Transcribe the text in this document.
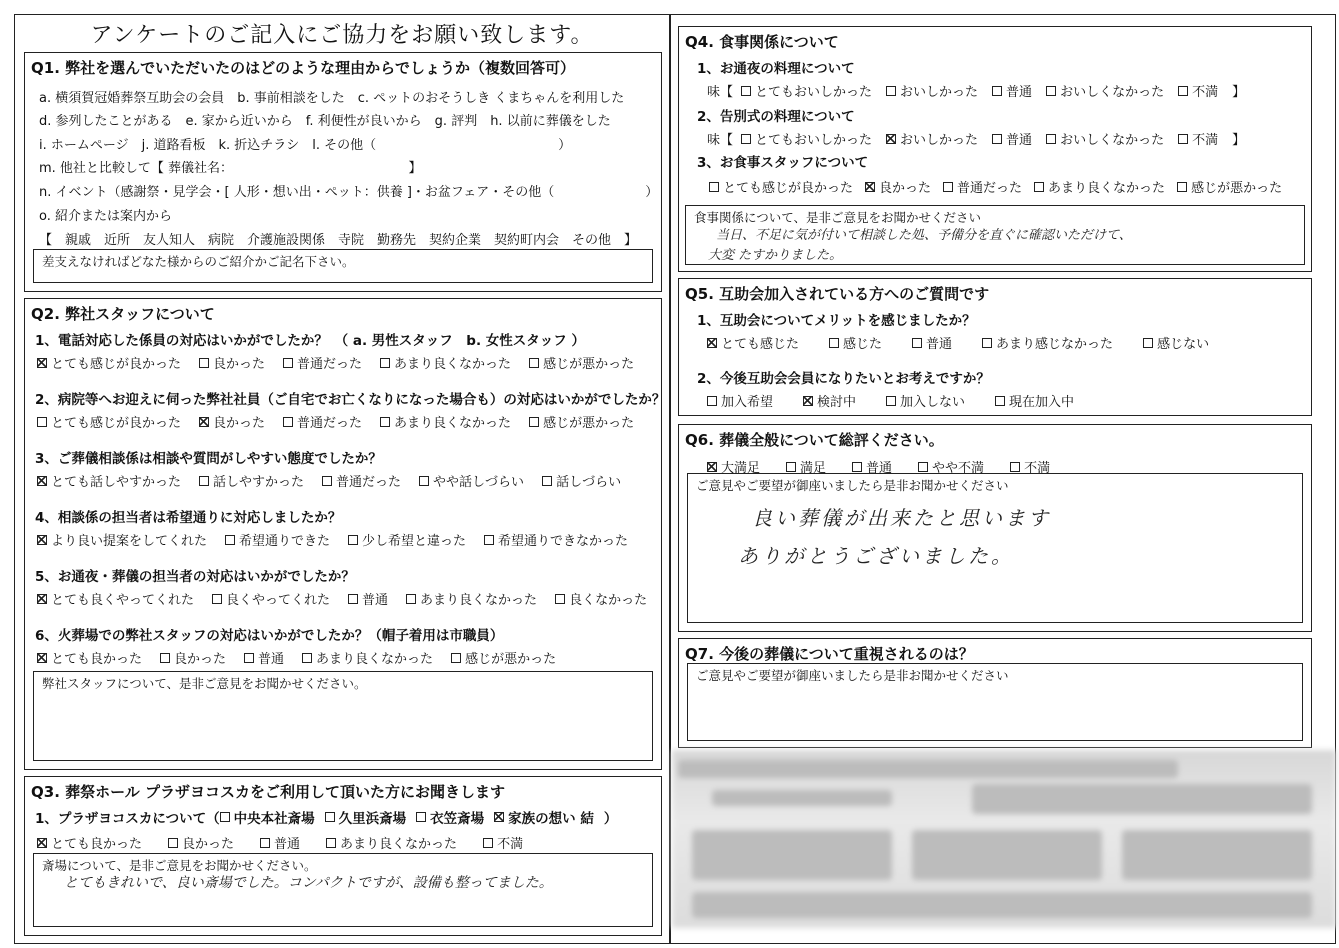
アンケートのご記入にご協力をお願い致します。
Q1. 弊社を選んでいただいたのはどのような理由からでしょうか（複数回答可）
a. 横須賀冠婚葬祭互助会の会員　b. 事前相談をした　c. ペットのおそうしき くまちゃんを利用した
d. 参列したことがある　e. 家から近いから　f. 利便性が良いから　g. 評判　h. 以前に葬儀をした
i. ホームページ　j. 道路看板　k. 折込チラシ　l. その他（　　　　　　　　　　　　　　）
m. 他社と比較して【 葬儀社名：　　　　　　　　　　　　　　】
n. イベント（感謝祭・見学会・[ 人形・想い出・ペット：供養 ]・お盆フェア・その他（　　　　　　　）
o. 紹介または案内から
【　親戚　近所　友人知人　病院　介護施設関係　寺院　勤務先　契約企業　契約町内会　その他　】
差支えなければどなた様からのご紹介かご記名下さい。
Q2. 弊社スタッフについて
1、電話対応した係員の対応はいかがでしたか？　（ a. 男性スタッフ　b. 女性スタッフ ）
とても感じが良かった 良かった 普通だった あまり良くなかった 感じが悪かった
2、病院等へお迎えに伺った弊社社員（ご自宅でお亡くなりになった場合も）の対応はいかがでしたか？
とても感じが良かった 良かった 普通だった あまり良くなかった 感じが悪かった
3、ご葬儀相談係は相談や質問がしやすい態度でしたか？
とても話しやすかった 話しやすかった 普通だった やや話しづらい 話しづらい
4、相談係の担当者は希望通りに対応しましたか？
より良い提案をしてくれた 希望通りできた 少し希望と違った 希望通りできなかった
5、お通夜・葬儀の担当者の対応はいかがでしたか？
とても良くやってくれた 良くやってくれた 普通 あまり良くなかった 良くなかった
6、火葬場での弊社スタッフの対応はいかがでしたか？（帽子着用は市職員）
とても良かった 良かった 普通 あまり良くなかった 感じが悪かった
弊社スタッフについて、是非ご意見をお聞かせください。
Q3. 葬祭ホール プラザヨコスカをご利用して頂いた方にお聞きします
1、プラザヨコスカについて（ 中央本社斎場 久里浜斎場 衣笠斎場 家族の想い 結 ）
とても良かった	良かった	普通	あまり良くなかった	不満
斎場について、是非ご意見をお聞かせください。
とてもきれいで、良い斎場でした。コンパクトですが、設備も整ってました。
Q4. 食事関係について
1、お通夜の料理について
味【 とてもおいしかった おいしかった 普通 おいしくなかった 不満 】
2、告別式の料理について
味【 とてもおいしかった おいしかった 普通 おいしくなかった 不満 】
3、お食事スタッフについて
とても感じが良かった 良かった 普通だった あまり良くなかった 感じが悪かった
食事関係について、是非ご意見をお聞かせください
当日、不足に気が付いて相談した処、予備分を直ぐに確認いただけて、
大変 たすかりました。
Q5. 互助会加入されている方へのご質問です
1、互助会についてメリットを感じましたか？
とても感じた	感じた	普通	あまり感じなかった	感じない
2、今後互助会会員になりたいとお考えですか？
加入希望	検討中	加入しない	現在加入中
Q6. 葬儀全般について総評ください。
大満足	満足	普通	やや不満	不満
ご意見やご要望が御座いましたら是非お聞かせください
良い葬儀が出来たと思います
ありがとうございました。
Q7. 今後の葬儀について重視されるのは？
ご意見やご要望が御座いましたら是非お聞かせください
